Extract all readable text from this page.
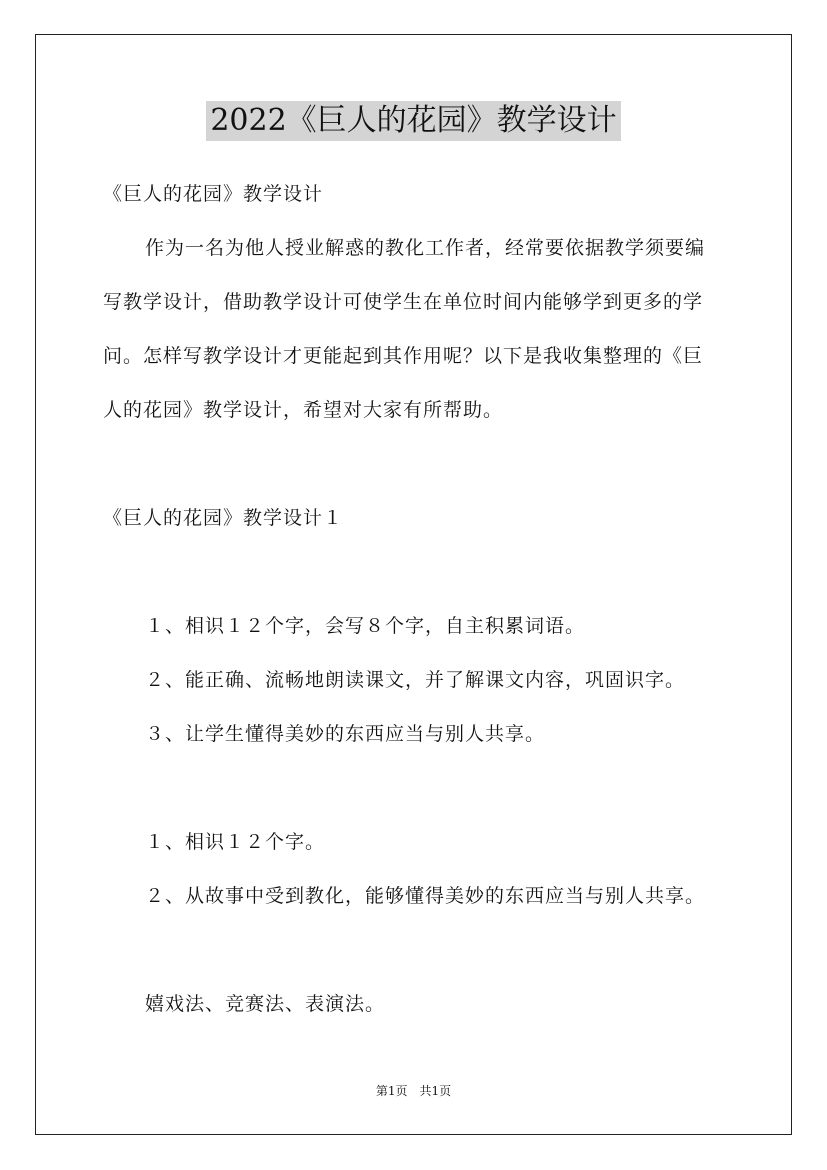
2022《巨人的花园》教学设计
《巨人的花园》教学设计
作为一名为他人授业解惑的教化工作者，经常要依据教学须要编
写教学设计，借助教学设计可使学生在单位时间内能够学到更多的学
问。怎样写教学设计才更能起到其作用呢？以下是我收集整理的《巨
人的花园》教学设计，希望对大家有所帮助。
《巨人的花园》教学设计１
１、相识１２个字，会写８个字，自主积累词语。
２、能正确、流畅地朗读课文，并了解课文内容，巩固识字。
３、让学生懂得美妙的东西应当与别人共享。
１、相识１２个字。
２、从故事中受到教化，能够懂得美妙的东西应当与别人共享。
嬉戏法、竞赛法、表演法。
第1页　共1页
